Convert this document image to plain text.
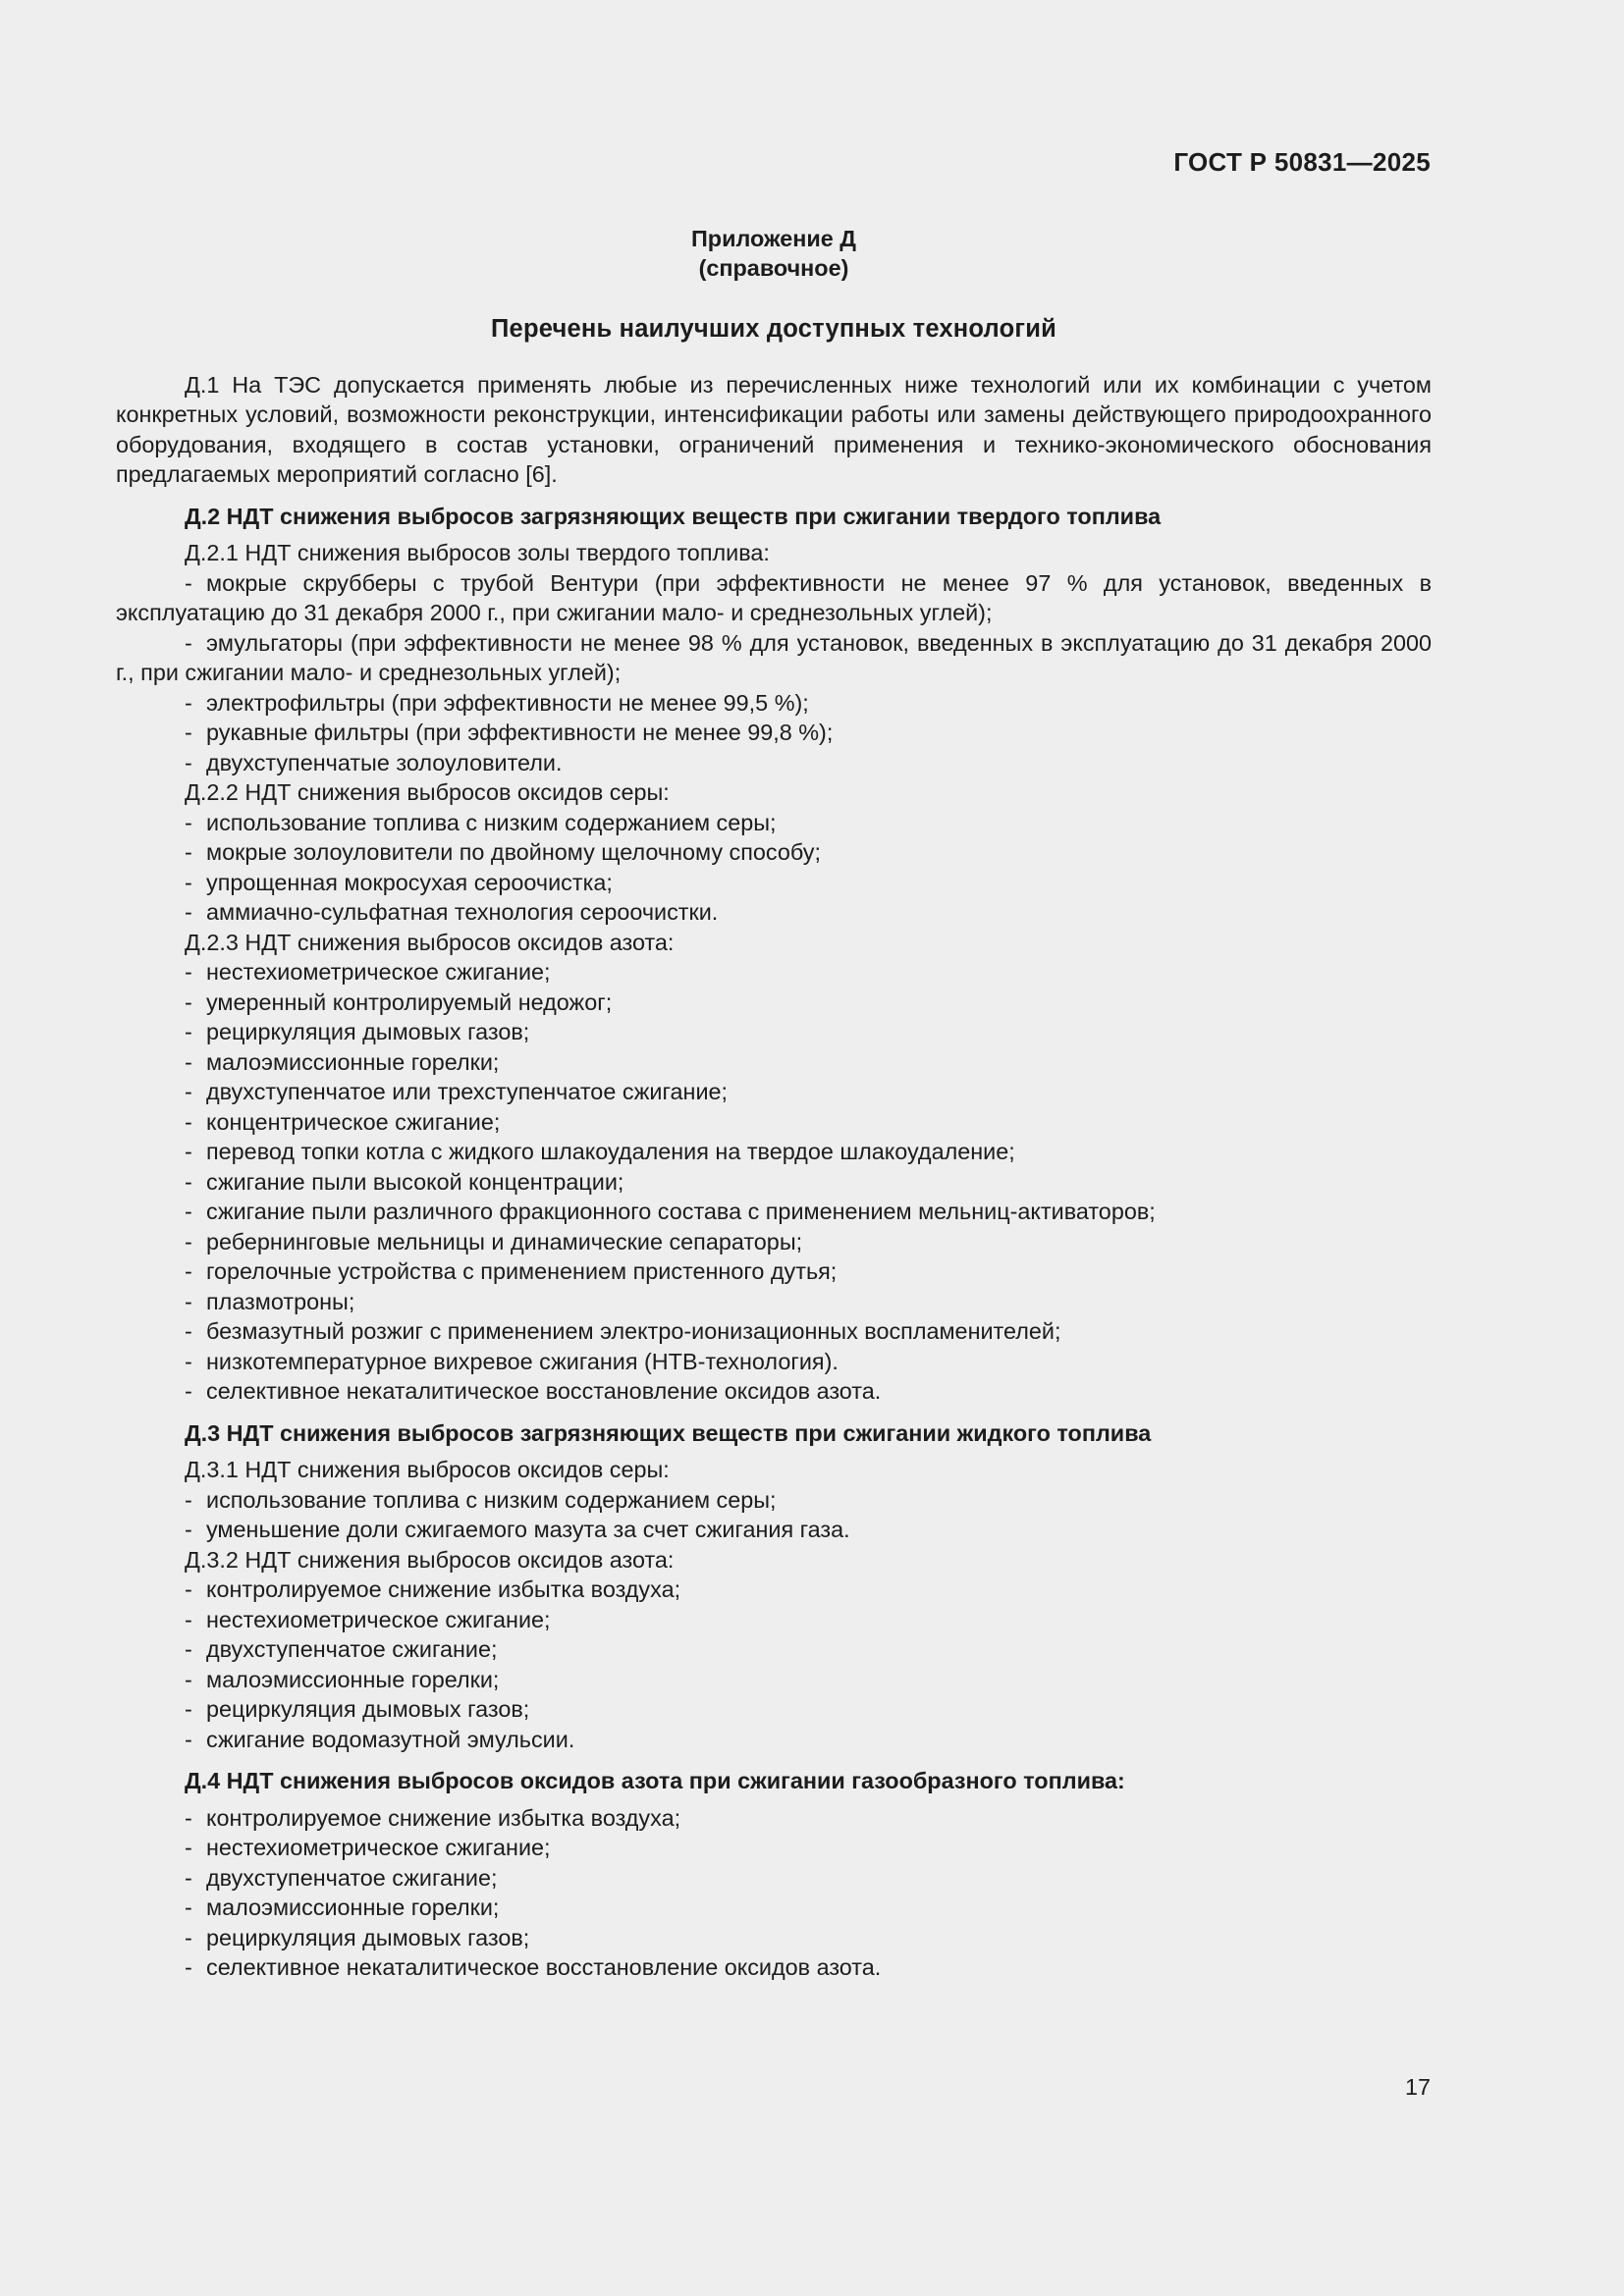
ГОСТ Р 50831—2025
Приложение Д
(справочное)
Перечень наилучших доступных технологий

Д.1 На ТЭС допускается применять любые из перечисленных ниже технологий или их комбинации с учетом конкретных условий, возможности реконструкции, интенсификации работы или замены действующего природоохранного оборудования, входящего в состав установки, ограничений применения и технико-экономического обоснования предлагаемых мероприятий согласно [6].

Д.2 НДТ снижения выбросов загрязняющих веществ при сжигании твердого топлива
Д.2.1 НДТ снижения выбросов золы твердого топлива:
- мокрые скрубберы с трубой Вентури (при эффективности не менее 97 % для установок, введенных в эксплуатацию до 31 декабря 2000 г., при сжигании мало- и среднезольных углей);
- эмульгаторы (при эффективности не менее 98 % для установок, введенных в эксплуатацию до 31 декабря 2000 г., при сжигании мало- и среднезольных углей);
- электрофильтры (при эффективности не менее 99,5 %);
- рукавные фильтры (при эффективности не менее 99,8 %);
- двухступенчатые золоуловители.
Д.2.2 НДТ снижения выбросов оксидов серы:
- использование топлива с низким содержанием серы;
- мокрые золоуловители по двойному щелочному способу;
- упрощенная мокросухая сероочистка;
- аммиачно-сульфатная технология сероочистки.
Д.2.3 НДТ снижения выбросов оксидов азота:
- нестехиометрическое сжигание;
- умеренный контролируемый недожог;
- рециркуляция дымовых газов;
- малоэмиссионные горелки;
- двухступенчатое или трехступенчатое сжигание;
- концентрическое сжигание;
- перевод топки котла с жидкого шлакоудаления на твердое шлакоудаление;
- сжигание пыли высокой концентрации;
- сжигание пыли различного фракционного состава с применением мельниц-активаторов;
- ребернинговые мельницы и динамические сепараторы;
- горелочные устройства с применением пристенного дутья;
- плазмотроны;
- безмазутный розжиг с применением электро-ионизационных воспламенителей;
- низкотемпературное вихревое сжигания (НТВ-технология).
- селективное некаталитическое восстановление оксидов азота.
Д.3 НДТ снижения выбросов загрязняющих веществ при сжигании жидкого топлива
Д.3.1 НДТ снижения выбросов оксидов серы:
- использование топлива с низким содержанием серы;
- уменьшение доли сжигаемого мазута за счет сжигания газа.
Д.3.2 НДТ снижения выбросов оксидов азота:
- контролируемое снижение избытка воздуха;
- нестехиометрическое сжигание;
- двухступенчатое сжигание;
- малоэмиссионные горелки;
- рециркуляция дымовых газов;
- сжигание водомазутной эмульсии.
Д.4 НДТ снижения выбросов оксидов азота при сжигании газообразного топлива:
- контролируемое снижение избытка воздуха;
- нестехиометрическое сжигание;
- двухступенчатое сжигание;
- малоэмиссионные горелки;
- рециркуляция дымовых газов;
- селективное некаталитическое восстановление оксидов азота.
17
